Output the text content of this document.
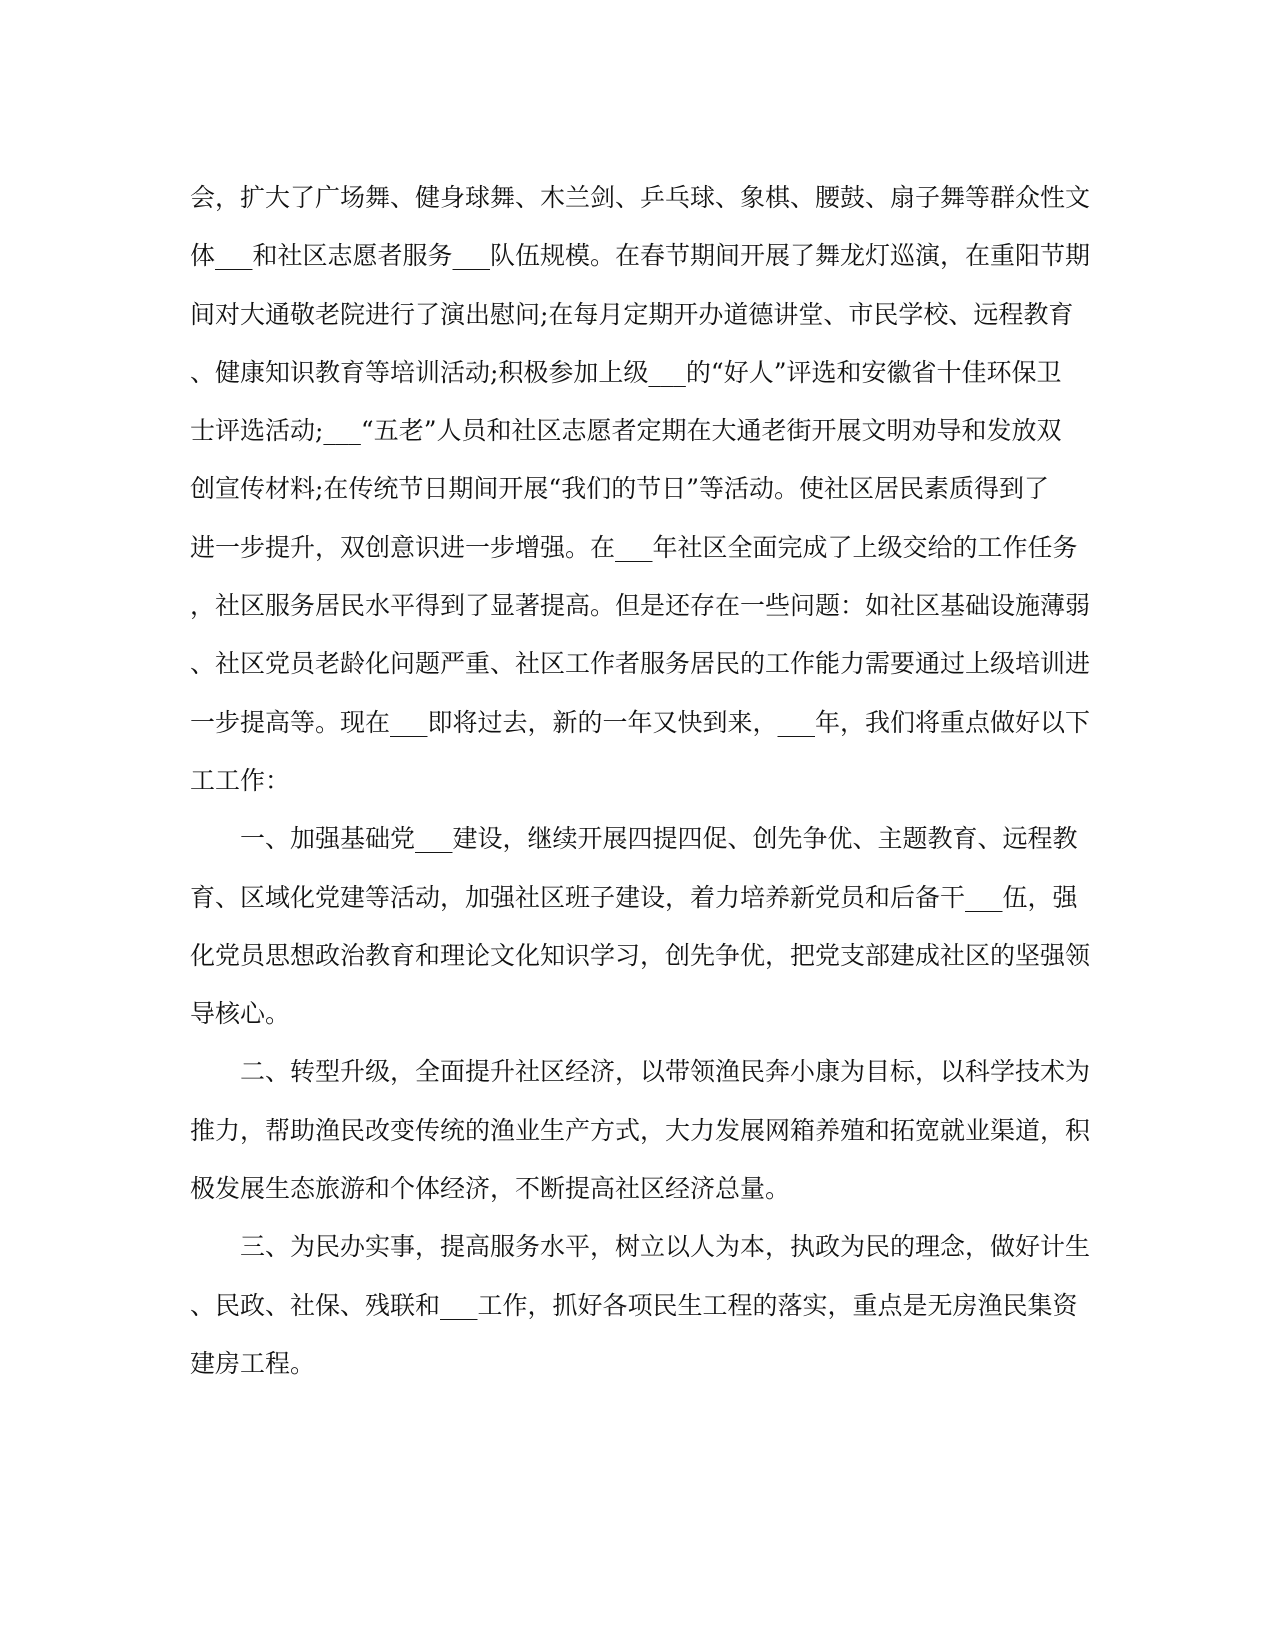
会，扩大了广场舞、健身球舞、木兰剑、乒乓球、象棋、腰鼓、扇子舞等群众性文
体___和社区志愿者服务___队伍规模。在春节期间开展了舞龙灯巡演，在重阳节期
间对大通敬老院进行了演出慰问;在每月定期开办道德讲堂、市民学校、远程教育
、健康知识教育等培训活动;积极参加上级___的“好人”评选和安徽省十佳环保卫
士评选活动;___“五老”人员和社区志愿者定期在大通老街开展文明劝导和发放双
创宣传材料;在传统节日期间开展“我们的节日”等活动。使社区居民素质得到了
进一步提升，双创意识进一步增强。在___年社区全面完成了上级交给的工作任务
，社区服务居民水平得到了显著提高。但是还存在一些问题：如社区基础设施薄弱
、社区党员老龄化问题严重、社区工作者服务居民的工作能力需要通过上级培训进
一步提高等。现在___即将过去，新的一年又快到来，___年，我们将重点做好以下
工工作：
　　一、加强基础党___建设，继续开展四提四促、创先争优、主题教育、远程教
育、区域化党建等活动，加强社区班子建设，着力培养新党员和后备干___伍，强
化党员思想政治教育和理论文化知识学习，创先争优，把党支部建成社区的坚强领
导核心。
　　二、转型升级，全面提升社区经济，以带领渔民奔小康为目标，以科学技术为
推力，帮助渔民改变传统的渔业生产方式，大力发展网箱养殖和拓宽就业渠道，积
极发展生态旅游和个体经济，不断提高社区经济总量。
　　三、为民办实事，提高服务水平，树立以人为本，执政为民的理念，做好计生
、民政、社保、残联和___工作，抓好各项民生工程的落实，重点是无房渔民集资
建房工程。
